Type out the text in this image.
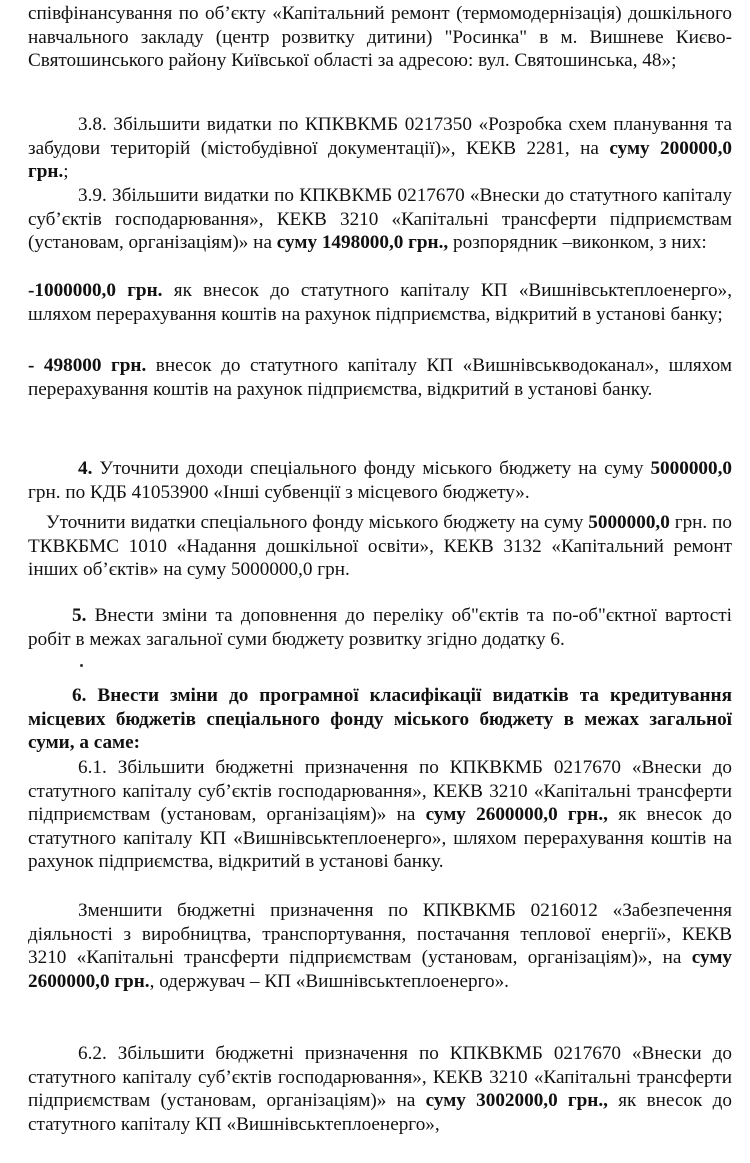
співфінансування по об’єкту «Капітальний ремонт (термомодернізація) дошкільного навчального закладу (центр розвитку дитини) "Росинка" в м. Вишневе Києво-Святошинського району Київської області за адресою: вул. Святошинська, 48»;

3.8. Збільшити видатки по КПКВКМБ 0217350 «Розробка схем планування та забудови територій (містобудівної документації)», КЕКВ 2281, на суму 200000,0 грн.;

3.9. Збільшити видатки по КПКВКМБ 0217670 «Внески до статутного капіталу суб’єктів господарювання», КЕКВ 3210 «Капітальні трансферти підприємствам (установам, організаціям)» на суму 1498000,0 грн., розпорядник –виконком, з них:

-1000000,0 грн. як внесок до статутного капіталу КП «Вишнівськтеплоенерго», шляхом перерахування коштів на рахунок підприємства, відкритий в установі банку;

- 498000 грн. внесок до статутного капіталу КП «Вишнівськводоканал», шляхом перерахування коштів на рахунок підприємства, відкритий в установі банку.

4. Уточнити доходи спеціального фонду міського бюджету на суму 5000000,0 грн. по КДБ 41053900 «Інші субвенції з місцевого бюджету».

Уточнити видатки спеціального фонду міського бюджету на суму 5000000,0 грн. по ТКВКБМС 1010 «Надання дошкільної освіти», КЕКВ 3132 «Капітальний ремонт інших об’єктів» на суму 5000000,0 грн.

5. Внести зміни та доповнення до переліку об"єктів та по-об"єктної вартості робіт в межах загальної суми бюджету розвитку згідно додатку 6.

6. Внести зміни до програмної класифікації видатків та кредитування місцевих бюджетів спеціального фонду міського бюджету в межах загальної суми, а саме:

6.1. Збільшити бюджетні призначення по КПКВКМБ 0217670 «Внески до статутного капіталу суб’єктів господарювання», КЕКВ 3210 «Капітальні трансферти підприємствам (установам, організаціям)» на суму 2600000,0 грн., як внесок до статутного капіталу КП «Вишнівськтеплоенерго», шляхом перерахування коштів на рахунок підприємства, відкритий в установі банку.

Зменшити бюджетні призначення по КПКВКМБ 0216012 «Забезпечення діяльності з виробництва, транспортування, постачання теплової енергії», КЕКВ 3210 «Капітальні трансферти підприємствам (установам, організаціям)», на суму 2600000,0 грн., одержувач – КП «Вишнівськтеплоенерго».

6.2. Збільшити бюджетні призначення по КПКВКМБ 0217670 «Внески до статутного капіталу суб’єктів господарювання», КЕКВ 3210 «Капітальні трансферти підприємствам (установам, організаціям)» на суму 3002000,0 грн., як внесок до статутного капіталу КП «Вишнівськтеплоенерго»,
